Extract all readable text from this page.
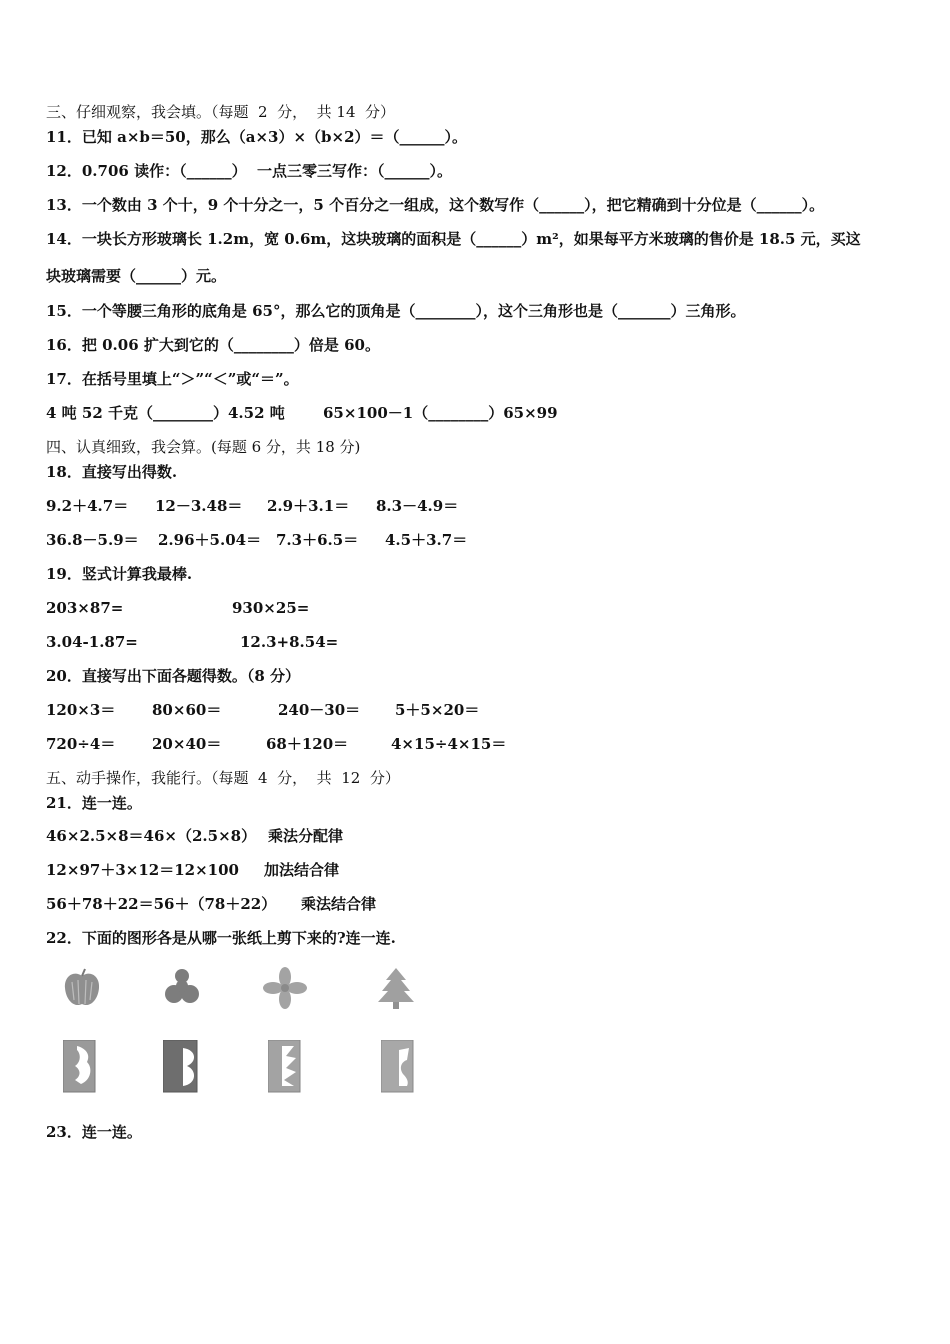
三、仔细观察，我会填。（每题  2  分，  共 14  分）
11．已知 a×b＝50，那么（a×3）×（b×2）＝（______）。
12．0.706 读作：（______）  一点三零三写作：（______）。
13．一个数由 3 个十，9 个十分之一，5 个百分之一组成，这个数写作（______），把它精确到十分位是（______）。
14．一块长方形玻璃长 1.2m，宽 0.6m，这块玻璃的面积是（______）m²，如果每平方米玻璃的售价是 18.5 元，买这
块玻璃需要（______）元。
15．一个等腰三角形的底角是 65°，那么它的顶角是（________），这个三角形也是（_______）三角形。
16．把 0.06 扩大到它的（________）倍是 60。
17．在括号里填上“＞”“＜”或“＝”。
4 吨 52 千克（________）4.52 吨	65×100－1（________）65×99
四、认真细致，我会算。(每题 6 分，共 18 分)
18．直接写出得数.
9.2＋4.7＝ 12－3.48＝ 2.9＋3.1＝ 8.3－4.9＝
36.8－5.9＝ 2.96＋5.04＝ 7.3＋6.5＝ 4.5＋3.7＝
19．竖式计算我最棒.
203×87=	930×25=
3.04-1.87=	12.3+8.54=
20．直接写出下面各题得数。（8 分）
120×3＝ 80×60＝	240－30＝ 5＋5×20＝
720÷4＝ 20×40＝	68＋120＝	4×15÷4×15＝
五、动手操作，我能行。（每题  4  分，  共  12  分）
21．连一连。
46×2.5×8＝46×（2.5×8） 乘法分配律
12×97＋3×12＝12×100 加法结合律
56＋78＋22＝56＋（78＋22） 乘法结合律
22．下面的图形各是从哪一张纸上剪下来的?连一连.
23．连一连。
